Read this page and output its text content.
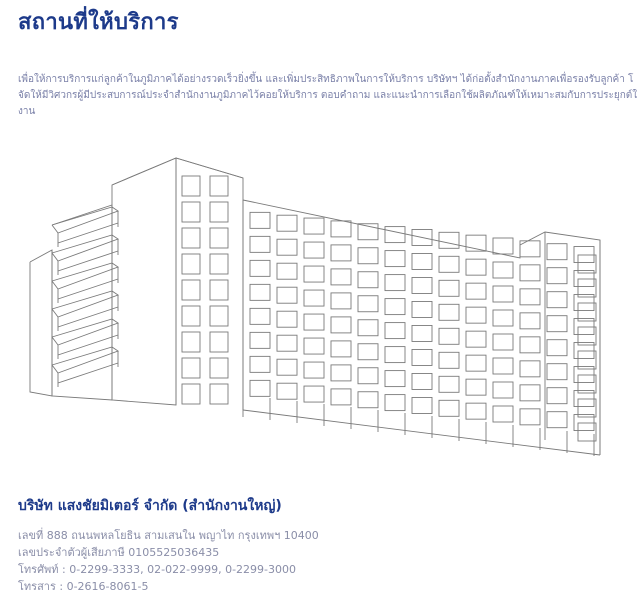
สถานที่ให้บริการ

เพื่อให้การบริการแก่ลูกค้าในภูมิภาคได้อย่างรวดเร็วยิ่งขึ้น และเพิ่มประสิทธิภาพในการให้บริการ บริษัทฯ ได้ก่อตั้งสำนักงานภาคเพื่อรองรับลูกค้า โ

จัดให้มีวิศวกรผู้มีประสบการณ์ประจำสำนักงานภูมิภาคไว้คอยให้บริการ ตอบคำถาม และแนะนำการเลือกใช้ผลิตภัณฑ์ให้เหมาะสมกับการประยุกต์ใ

งาน

บริษัท แสงชัยมิเตอร์ จำกัด (สำนักงานใหญ่)
เลขที่ 888 ถนนพหลโยธิน สามเสนใน พญาไท กรุงเทพฯ 10400
เลขประจำตัวผู้เสียภาษี 0105525036435
โทรศัพท์ : 0-2299-3333, 02-022-9999, 0-2299-3000
โทรสาร : 0-2616-8061-5
